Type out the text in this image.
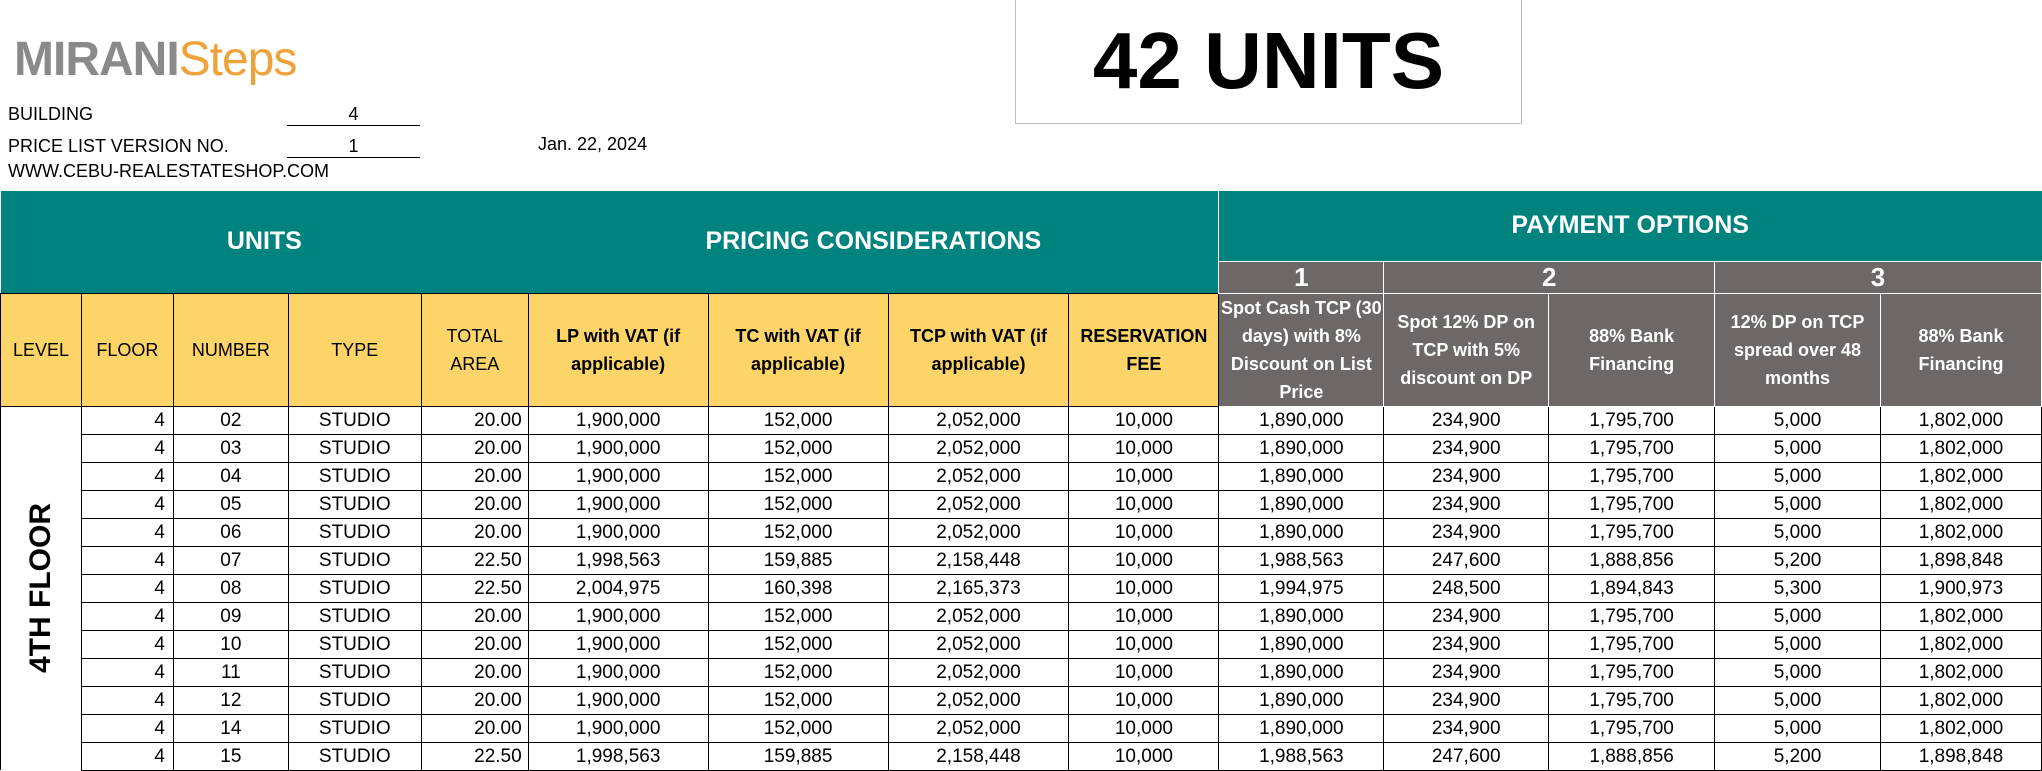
MIRANISteps	42 UNITS
BUILDING	4
PRICE LIST VERSION NO.	1	Jan. 22, 2024
WWW.CEBU-REALESTATESHOP.COM
UNITS					PRICING CONSIDERATIONS				PAYMENT OPTIONS				
									1	2		3	
LEVEL	FLOOR	NUMBER	TYPE	TOTAL AREA	LP with VAT (if applicable)	TC with VAT (if applicable)	TCP with VAT (if applicable)	RESERVATION FEE	Spot Cash TCP (30 days) with 8% Discount on List Price	Spot 12% DP on TCP with 5% discount on DP	88% Bank Financing	12% DP on TCP spread over 48 months	88% Bank Financing

4TH FLOOR	4	02	STUDIO	20.00	1,900,000	152,000	2,052,000	10,000	1,890,000	234,900	1,795,700	5,000	1,802,000
	4	03	STUDIO	20.00	1,900,000	152,000	2,052,000	10,000	1,890,000	234,900	1,795,700	5,000	1,802,000
	4	04	STUDIO	20.00	1,900,000	152,000	2,052,000	10,000	1,890,000	234,900	1,795,700	5,000	1,802,000
	4	05	STUDIO	20.00	1,900,000	152,000	2,052,000	10,000	1,890,000	234,900	1,795,700	5,000	1,802,000
	4	06	STUDIO	20.00	1,900,000	152,000	2,052,000	10,000	1,890,000	234,900	1,795,700	5,000	1,802,000
	4	07	STUDIO	22.50	1,998,563	159,885	2,158,448	10,000	1,988,563	247,600	1,888,856	5,200	1,898,848
	4	08	STUDIO	22.50	2,004,975	160,398	2,165,373	10,000	1,994,975	248,500	1,894,843	5,300	1,900,973
	4	09	STUDIO	20.00	1,900,000	152,000	2,052,000	10,000	1,890,000	234,900	1,795,700	5,000	1,802,000
	4	10	STUDIO	20.00	1,900,000	152,000	2,052,000	10,000	1,890,000	234,900	1,795,700	5,000	1,802,000
	4	11	STUDIO	20.00	1,900,000	152,000	2,052,000	10,000	1,890,000	234,900	1,795,700	5,000	1,802,000
	4	12	STUDIO	20.00	1,900,000	152,000	2,052,000	10,000	1,890,000	234,900	1,795,700	5,000	1,802,000
	4	14	STUDIO	20.00	1,900,000	152,000	2,052,000	10,000	1,890,000	234,900	1,795,700	5,000	1,802,000
	4	15	STUDIO	22.50	1,998,563	159,885	2,158,448	10,000	1,988,563	247,600	1,888,856	5,200	1,898,848
